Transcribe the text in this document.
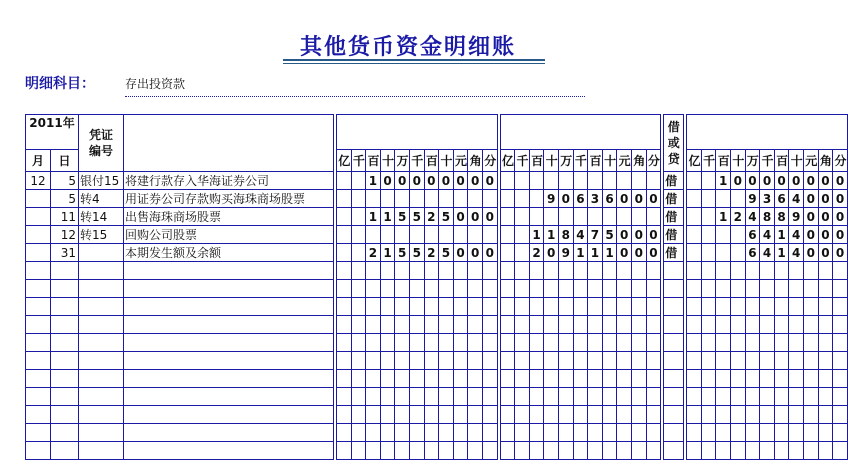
其他货币资金明细账
明细科目：	存出投资款
2011年		凭证
编号																											借
或
贷												
月	日				亿	千	百	十	万	千	百	十	元	角	分		亿	千	百	十	万	千	百	十	元	角	分				亿	千	百	十	万	千	百	十	元	角	分
12	5	银付15	将建行款存入华海证券公司				1	0	0	0	0	0	0	0	0														借				1	0	0	0	0	0	0	0	0
	5	转4	用证券公司存款购买海珠商场股票																	9	0	6	3	6	0	0	0		借						9	3	6	4	0	0	0
	11	转14	出售海珠商场股票				1	1	5	5	2	5	0	0	0														借				1	2	4	8	8	9	0	0	0
	12	转15	回购公司股票																1	1	8	4	7	5	0	0	0		借						6	4	1	4	0	0	0
	31		本期发生额及余额				2	1	5	5	2	5	0	0	0				2	0	9	1	1	1	0	0	0		借						6	4	1	4	0	0	0
